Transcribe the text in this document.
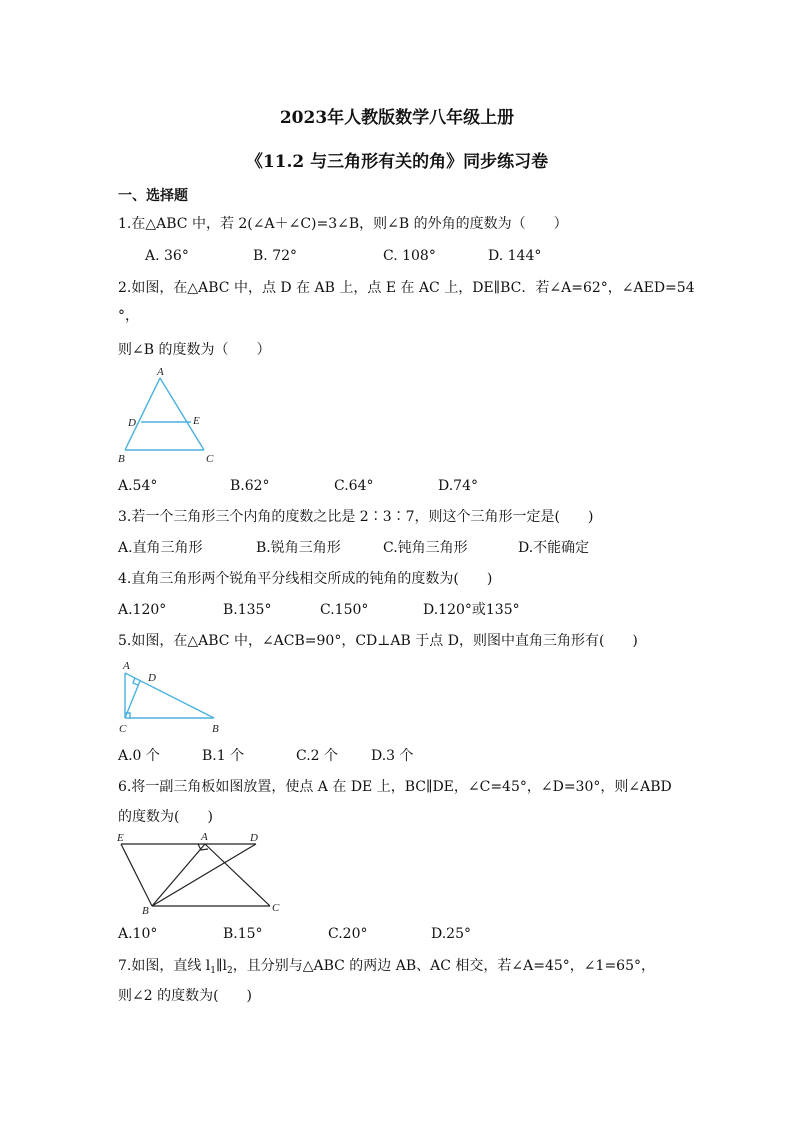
2023年人教版数学八年级上册
《11.2 与三角形有关的角》同步练习卷
一、选择题
1.在△ABC 中，若 2(∠A＋∠C)=3∠B，则∠B 的外角的度数为（　　）
A. 36°	B. 72°	C. 108°	D. 144°
2.如图，在△ABC 中，点 D 在 AB 上，点 E 在 AC 上，DE∥BC．若∠A=62°，∠AED=54
°，
则∠B 的度数为（　　）
A
D	E
B	C
A.54°	B.62°	C.64°	D.74°
3.若一个三角形三个内角的度数之比是 2∶3∶7，则这个三角形一定是(　　)
A.直角三角形	B.锐角三角形	C.钝角三角形	D.不能确定
4.直角三角形两个锐角平分线相交所成的钝角的度数为(　　)
A.120°	B.135°	C.150°	D.120°或135°
5.如图，在△ABC 中，∠ACB=90°，CD⊥AB 于点 D，则图中直角三角形有(　　)
A
D
C	B
A.0 个	B.1 个	C.2 个 D.3 个
6.将一副三角板如图放置，使点 A 在 DE 上，BC∥DE，∠C=45°，∠D=30°，则∠ABD
的度数为(　　)
E	A	D
B	C
A.10°	B.15°	C.20°	D.25°
7.如图，直线 $l_1\parallel l_2$，且分别与△ABC 的两边 AB、AC 相交，若∠A=45°，∠1=65°，
则∠2 的度数为(　　)
